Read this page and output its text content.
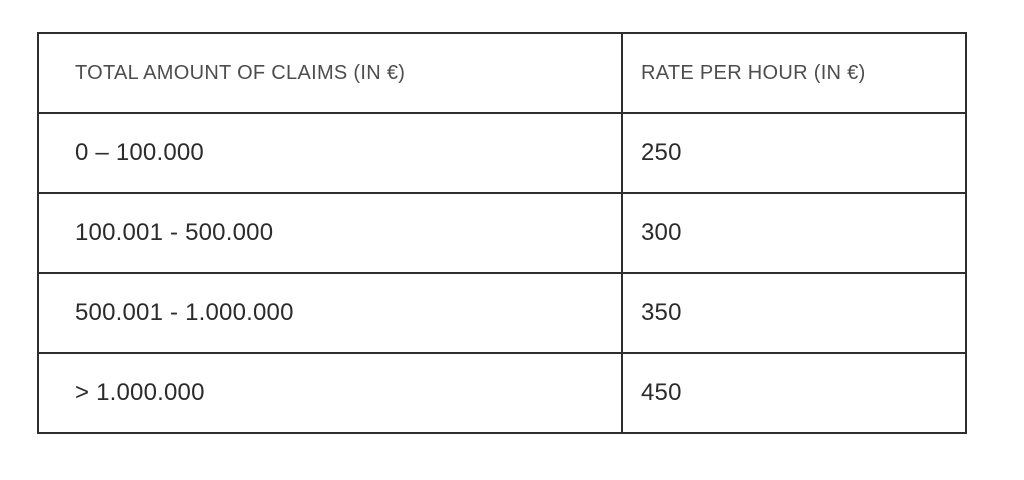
TOTAL AMOUNT OF CLAIMS (IN €)	RATE PER HOUR (IN €)
0 – 100.000	250
100.001 - 500.000	300
500.001 - 1.000.000	350
> 1.000.000	450
